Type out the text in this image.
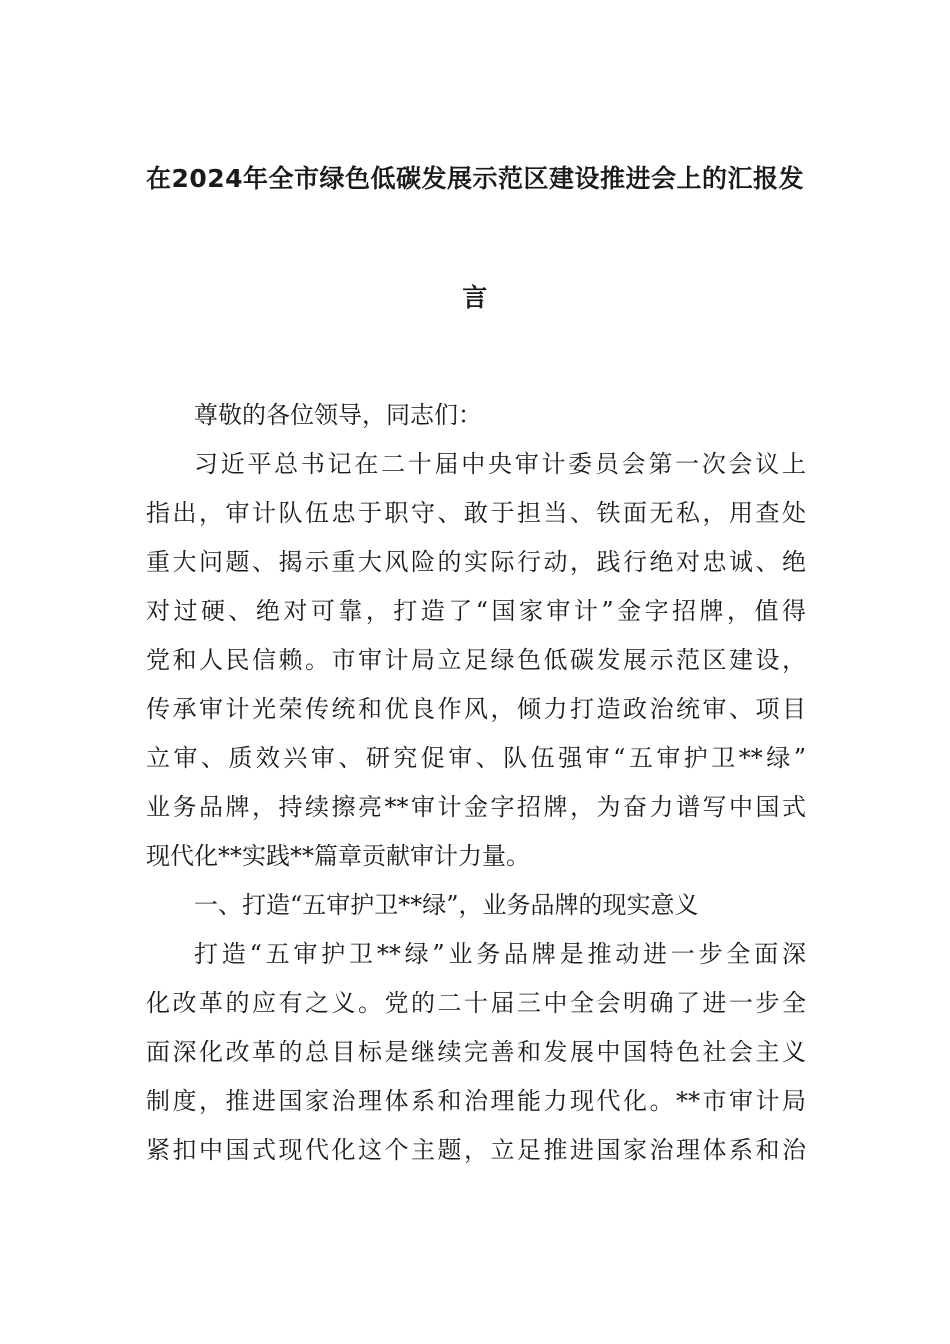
在2024年全市绿色低碳发展示范区建设推进会上的汇报发
言
尊敬的各位领导，同志们：
习近平总书记在二十届中央审计委员会第一次会议上
指出，审计队伍忠于职守、敢于担当、铁面无私，用查处
重大问题、揭示重大风险的实际行动，践行绝对忠诚、绝
对过硬、绝对可靠，打造了“国家审计”金字招牌，值得
党和人民信赖。市审计局立足绿色低碳发展示范区建设，
传承审计光荣传统和优良作风，倾力打造政治统审、项目
立审、质效兴审、研究促审、队伍强审“五审护卫**绿”
业务品牌，持续擦亮**审计金字招牌，为奋力谱写中国式
现代化**实践**篇章贡献审计力量。
一、打造“五审护卫**绿”，业务品牌的现实意义
打造“五审护卫**绿”业务品牌是推动进一步全面深
化改革的应有之义。党的二十届三中全会明确了进一步全
面深化改革的总目标是继续完善和发展中国特色社会主义
制度，推进国家治理体系和治理能力现代化。**市审计局
紧扣中国式现代化这个主题，立足推进国家治理体系和治
